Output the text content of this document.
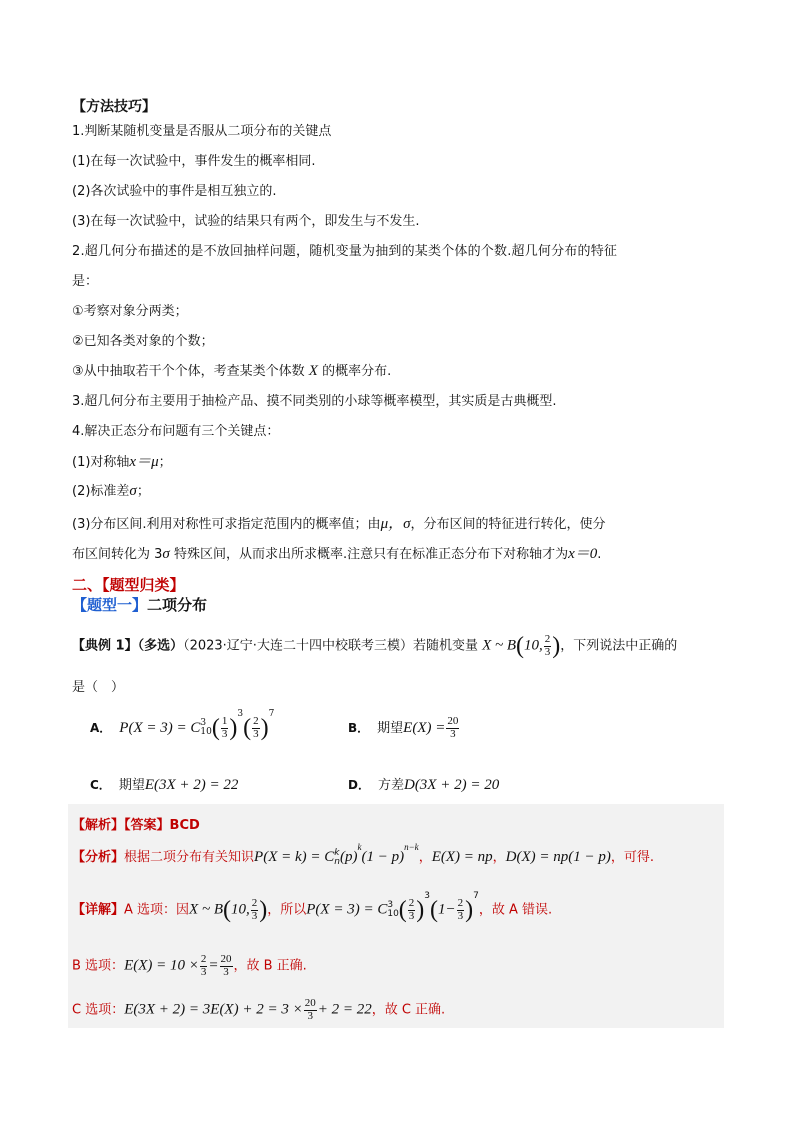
【方法技巧】
1.判断某随机变量是否服从二项分布的关键点
(1)在每一次试验中，事件发生的概率相同.
(2)各次试验中的事件是相互独立的.
(3)在每一次试验中，试验的结果只有两个，即发生与不发生.
2.超几何分布描述的是不放回抽样问题，随机变量为抽到的某类个体的个数.超几何分布的特征
是：
①考察对象分两类；
②已知各类对象的个数；
③从中抽取若干个个体，考查某类个体数 X 的概率分布.
3.超几何分布主要用于抽检产品、摸不同类别的小球等概率模型，其实质是古典概型.
4.解决正态分布问题有三个关键点：
(1)对称轴x＝μ；
(2)标准差σ；
(3)分布区间.利用对称性可求指定范围内的概率值；由μ，σ，分布区间的特征进行转化，使分
布区间转化为 3σ 特殊区间，从而求出所求概率.注意只有在标准正态分布下对称轴才为x＝0.
二、【题型归类】
【题型一】二项分布
【典例 1】（多选）（2023·辽宁·大连二十四中校联考三模）若随机变量 X ~ B(10, $\frac{2}{3}$ )，下列说法中正确的
是（　）
A． P(X = 3) = C 3
10 ( $\frac{1}{3} )^3( \frac{2}{3} )^7$
B． 期望$E(X) = \frac{20}{3}$
C． 期望E(3X + 2) = 22	D． 方差D(3X + 2) = 20
【解析】【答案】BCD
【分析】根据二项分布有关知识P(X = k) = C k
n $(p)^k(1 - p)^{n-k}$，E(X) = np，D(X) = np(1 − p)，可得.
【详解】A 选项：因X ~ B(10, $\frac{2}{3}$ )，所以P(X = 3) = C 3
10 ( $\frac{2}{3} )^3(1- \frac{2}{3} )^7$，故 A 错误.
B 选项：$E(X) = 10 \times \frac{2}{3} = \frac{20}{3}$ ，故 B 正确.
C 选项：$E(3X + 2) = 3E(X) + 2 = 3 \times \frac{20}{3} + 2 = 22$，故 C 正确.
